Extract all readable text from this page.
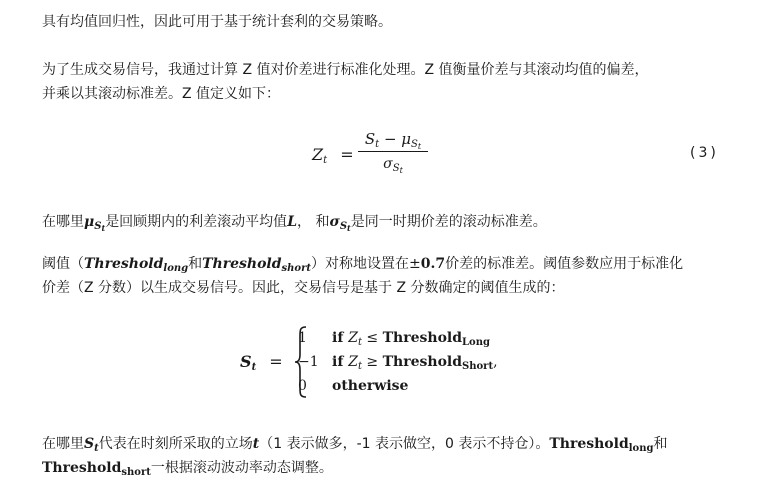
具有均值回归性，因此可用于基于统计套利的交易策略。
为了生成交易信号，我通过计算 Z 值对价差进行标准化处理。Z 值衡量价差与其滚动均值的偏差，
并乘以其滚动标准差。Z 值定义如下：
$Z_t$ =
$S_t - \mu_{S_t}$
$\sigma_{S_t}$
(3)
在哪里$\mu_{S_t}$是回顾期内的利差滚动平均值L， 和$\sigma_{S_t}$是同一时期价差的滚动标准差。
阈值（Threshold$_{long}$和Threshold$_{short}$）对称地设置在±0.7价差的标准差。阈值参数应用于标准化
价差（Z 分数）以生成交易信号。因此，交易信号是基于 Z 分数确定的阈值生成的：
$S_t$ =
1 if $Z_t$ ≤ Threshold$_{Long}$
−1 if $Z_t$ ≥ Threshold$_{Short}$,
0 otherwise
在哪里$S_t$代表在时刻所采取的立场t（1 表示做多，-1 表示做空，0 表示不持仓）。Threshold$_{long}$和
Threshold$_{short}$一根据滚动波动率动态调整。
